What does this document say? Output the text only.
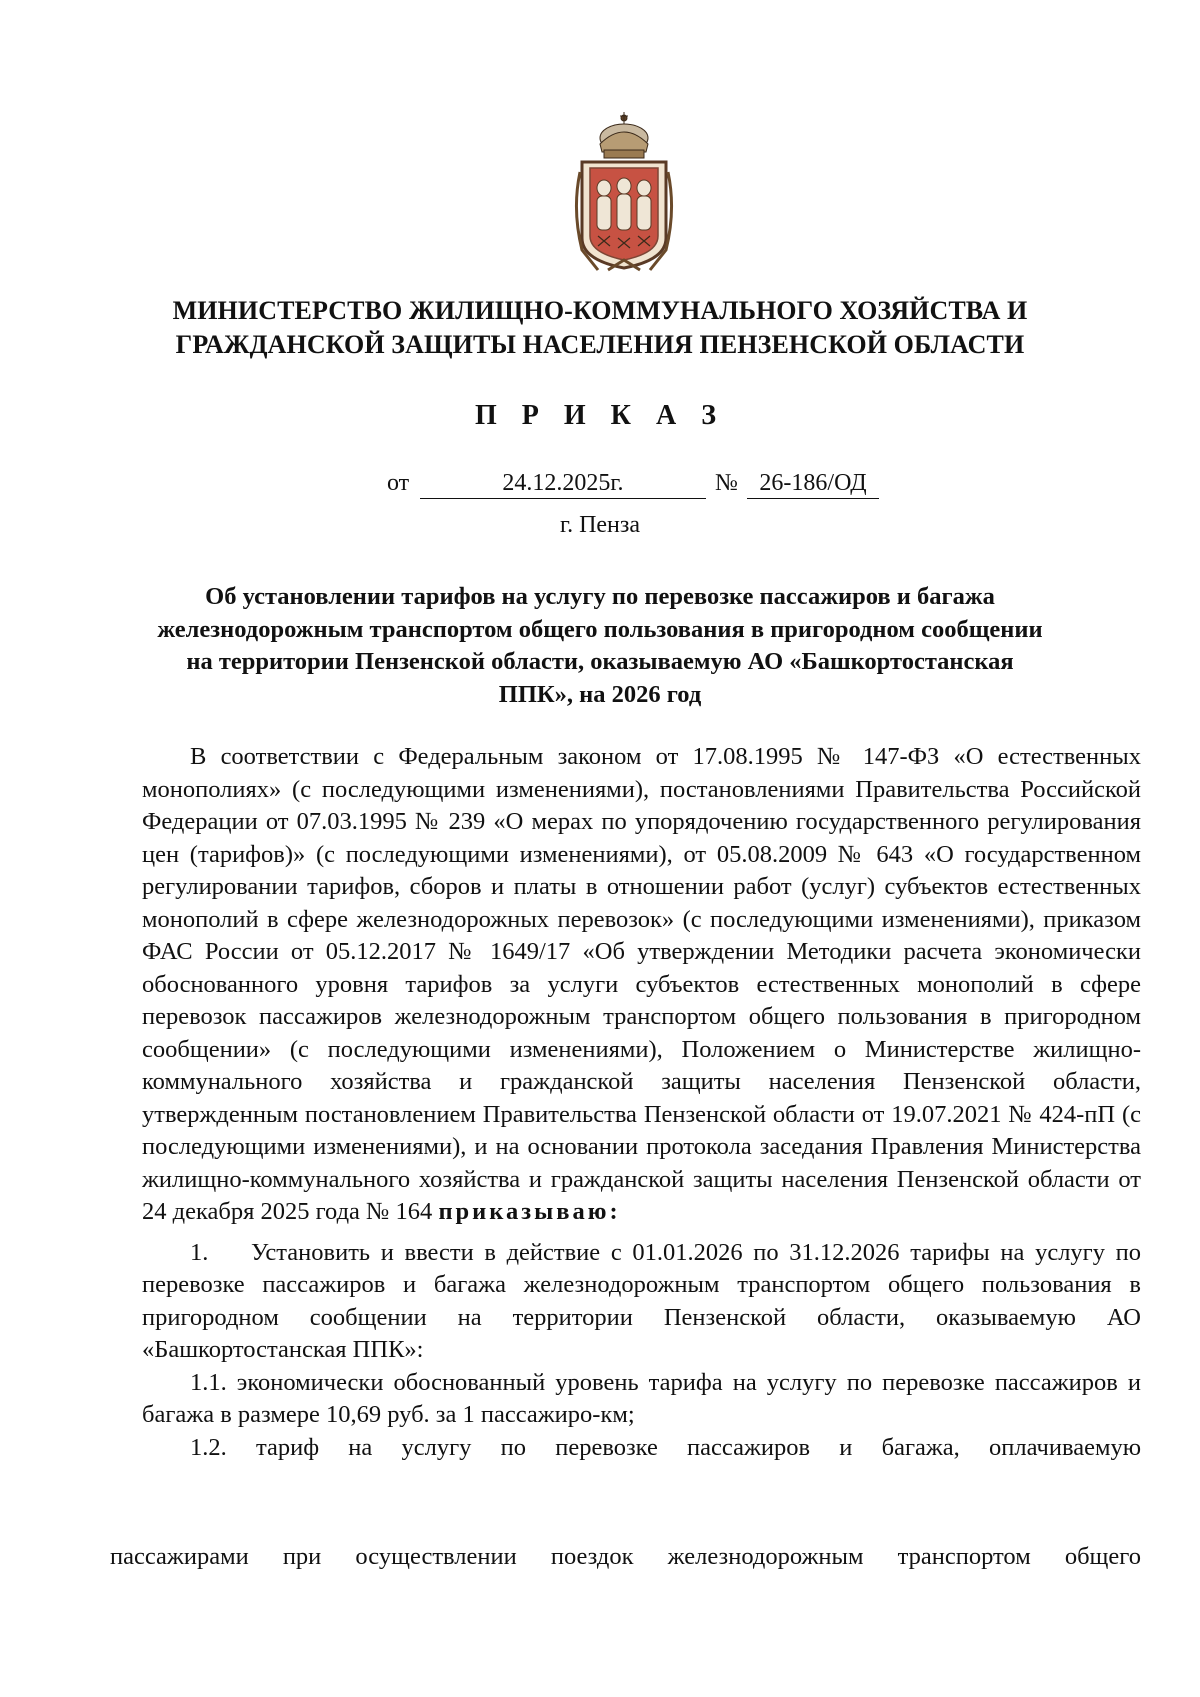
МИНИСТЕРСТВО ЖИЛИЩНО-КОММУНАЛЬНОГО ХОЗЯЙСТВА И
ГРАЖДАНСКОЙ ЗАЩИТЫ НАСЕЛЕНИЯ ПЕНЗЕНСКОЙ ОБЛАСТИ
П Р И К А З
от	24.12.2025г.	№ 26-186/ОД
г. Пенза
Об установлении тарифов на услугу по перевозке пассажиров и багажа
железнодорожным транспортом общего пользования в пригородном сообщении
на территории Пензенской области, оказываемую АО «Башкортостанская
ППК», на 2026 год

В соответствии с Федеральным законом от 17.08.1995 № 147-ФЗ «О естественных монополиях» (с последующими изменениями), постановлениями Правительства Российской Федерации от 07.03.1995 № 239 «О мерах по упорядочению государственного регулирования цен (тарифов)» (с последующими изменениями), от 05.08.2009 № 643 «О государственном регулировании тарифов, сборов и платы в отношении работ (услуг) субъектов естественных монополий в сфере железнодорожных перевозок» (с последующими изменениями), приказом ФАС России от 05.12.2017 № 1649/17 «Об утверждении Методики расчета экономически обоснованного уровня тарифов за услуги субъектов естественных монополий в сфере перевозок пассажиров железнодорожным транспортом общего пользования в пригородном сообщении» (с последующими изменениями), Положением о Министерстве жилищно-коммунального хозяйства и гражданской защиты населения Пензенской области, утвержденным постановлением Правительства Пензенской области от 19.07.2021 № 424-пП (с последующими изменениями), и на основании протокола заседания Правления Министерства жилищно-коммунального хозяйства и гражданской защиты населения Пензенской области от 24 декабря 2025 года № 164 приказываю:

1.    Установить и ввести в действие с 01.01.2026 по 31.12.2026 тарифы на услугу по перевозке пассажиров и багажа железнодорожным транспортом общего пользования в пригородном сообщении на территории Пензенской области, оказываемую АО «Башкортостанская ППК»:

1.1. экономически обоснованный уровень тарифа на услугу по перевозке пассажиров и багажа в размере 10,69 руб. за 1 пассажиро-км;

1.2. тариф на услугу по перевозке пассажиров и багажа, оплачиваемую

пассажирами при осуществлении поездок железнодорожным транспортом общего
